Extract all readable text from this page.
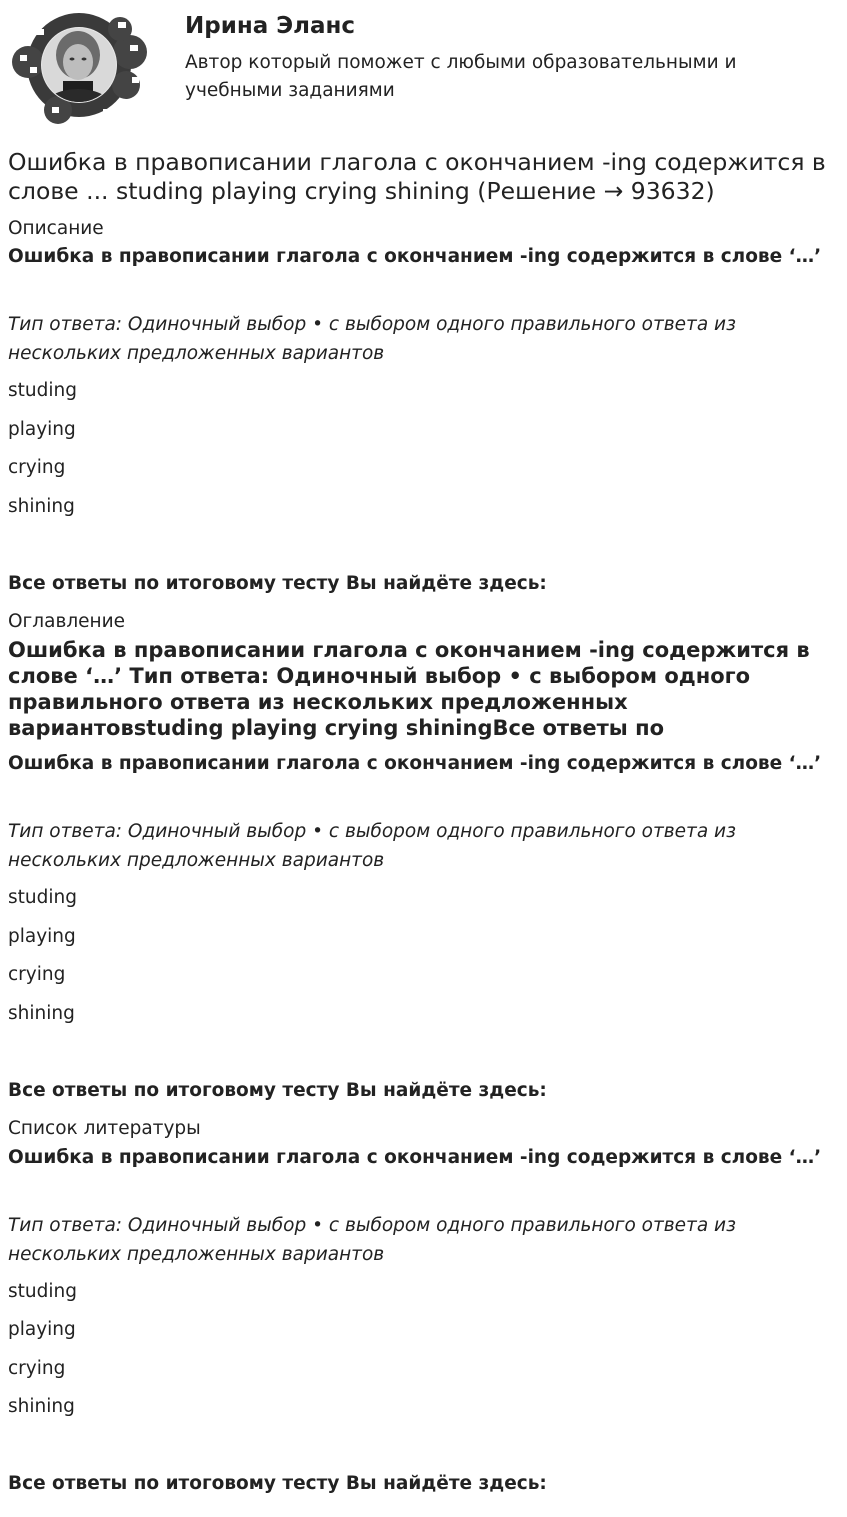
Ирина Эланс
Автор который поможет с любыми образовательными и учебными заданиями
Ошибка в правописании глагола с окончанием -ing содержится в слове ... studing playing crying shining (Решение → 93632)
Описание
Ошибка в правописании глагола с окончанием -ing содержится в слове ‘…’
Тип ответа: Одиночный выбор • с выбором одного правильного ответа из нескольких предложенных вариантов
studing
playing
crying
shining
Все ответы по итоговому тесту Вы найдёте здесь:
Оглавление
Ошибка в правописании глагола с окончанием -ing содержится в слове ‘…’ Тип ответа: Одиночный выбор • с выбором одного правильного ответа из нескольких предложенных вариантовstuding playing crying shiningВсе ответы по
Ошибка в правописании глагола с окончанием -ing содержится в слове ‘…’
Тип ответа: Одиночный выбор • с выбором одного правильного ответа из нескольких предложенных вариантов
studing
playing
crying
shining
Все ответы по итоговому тесту Вы найдёте здесь:
Список литературы
Ошибка в правописании глагола с окончанием -ing содержится в слове ‘…’
Тип ответа: Одиночный выбор • с выбором одного правильного ответа из нескольких предложенных вариантов
studing
playing
crying
shining
Все ответы по итоговому тесту Вы найдёте здесь:
